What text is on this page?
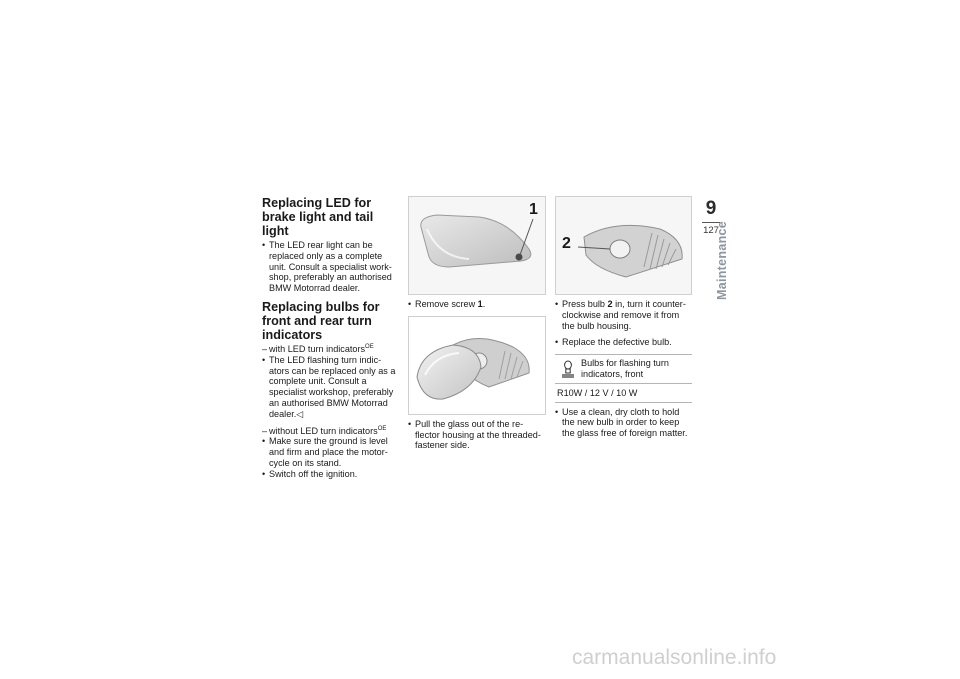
Replacing LED for brake light and tail light
• The LED rear light can be replaced only as a complete unit. Consult a specialist work-shop, preferably an authorised BMW Motorrad dealer.
Replacing bulbs for front and rear turn indicators
– with LED turn indicators$^{OE}$
• The LED flashing turn indic-ators can be replaced only as a complete unit. Consult a specialist workshop, preferably an authorised BMW Motorrad dealer.◁
– without LED turn indicators$^{OE}$
• Make sure the ground is level and firm and place the motor-cycle on its stand.
• Switch off the ignition.
1
• Remove screw 1.
• Pull the glass out of the re-flector housing at the threaded-fastener side.
2
• Press bulb 2 in, turn it counter-clockwise and remove it from the bulb housing.
• Replace the defective bulb.
Bulbs for flashing turn indicators, front
R10W / 12 V / 10 W
• Use a clean, dry cloth to hold the new bulb in order to keep the glass free of foreign matter.
9
127
Maintenance
carmanualsonline.info
